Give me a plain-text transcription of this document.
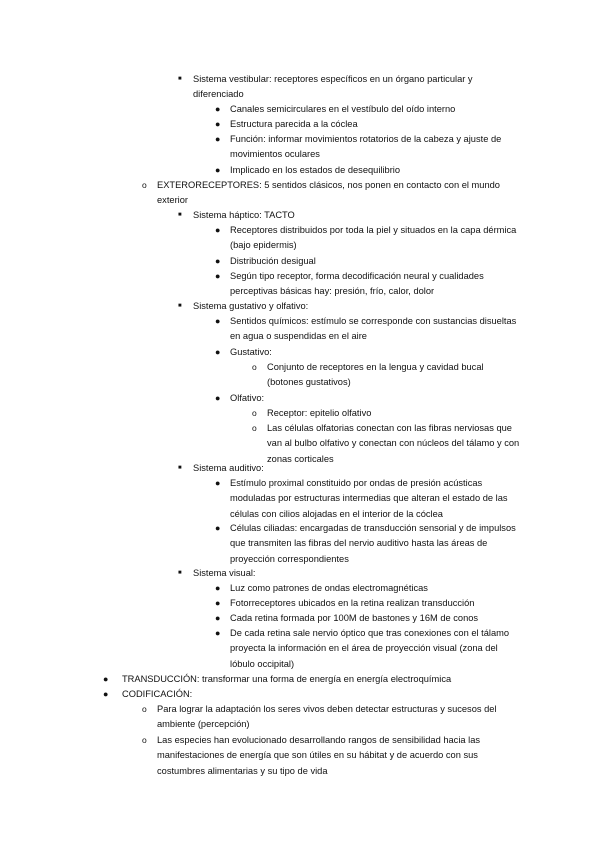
■ Sistema vestibular: receptores específicos en un órgano particular y diferenciado
● Canales semicirculares en el vestíbulo del oído interno
● Estructura parecida a la cóclea
● Función: informar movimientos rotatorios de la cabeza y ajuste de movimientos oculares
● Implicado en los estados de desequilibrio
o EXTERORECEPTORES: 5 sentidos clásicos, nos ponen en contacto con el mundo exterior
■ Sistema háptico: TACTO
● Receptores distribuidos por toda la piel y situados en la capa dérmica (bajo epidermis)
● Distribución desigual
● Según tipo receptor, forma decodificación neural y cualidades perceptivas básicas hay: presión, frío, calor, dolor
■ Sistema gustativo y olfativo:
● Sentidos químicos: estímulo se corresponde con sustancias disueltas en agua o suspendidas en el aire
● Gustativo:
o Conjunto de receptores en la lengua y cavidad bucal (botones gustativos)
● Olfativo:
o Receptor: epitelio olfativo
o Las células olfatorias conectan con las fibras nerviosas que van al bulbo olfativo y conectan con núcleos del tálamo y con zonas corticales
■ Sistema auditivo:
● Estímulo proximal constituido por ondas de presión acústicas moduladas por estructuras intermedias que alteran el estado de las células con cilios alojadas en el interior de la cóclea
● Células ciliadas: encargadas de transducción sensorial y de impulsos que transmiten las fibras del nervio auditivo hasta las áreas de proyección correspondientes
■ Sistema visual:
● Luz como patrones de ondas electromagnéticas
● Fotorreceptores ubicados en la retina realizan transducción
● Cada retina formada por 100M de bastones y 16M de conos
● De cada retina sale nervio óptico que tras conexiones con el tálamo proyecta la información en el área de proyección visual (zona del lóbulo occipital)
● TRANSDUCCIÓN: transformar una forma de energía en energía electroquímica
● CODIFICACIÓN:
o Para lograr la adaptación los seres vivos deben detectar estructuras y sucesos del ambiente (percepción)
o Las especies han evolucionado desarrollando rangos de sensibilidad hacia las manifestaciones de energía que son útiles en su hábitat y de acuerdo con sus costumbres alimentarias y su tipo de vida
